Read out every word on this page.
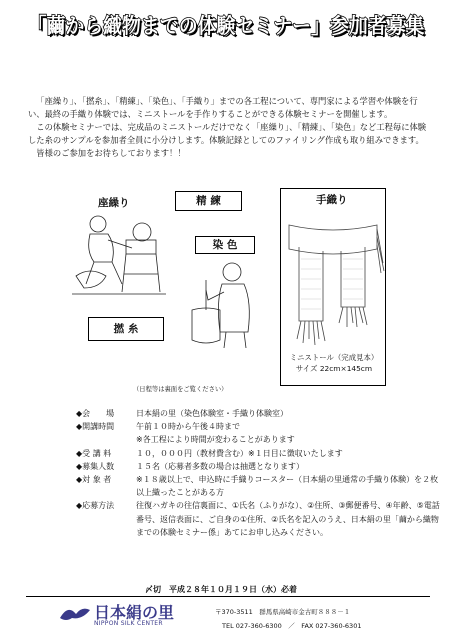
「繭から織物までの体験セミナー」参加者募集

「座繰り」、「撚糸」、「精練」、「染色」、「手織り」までの各工程について、専門家による学習や体験を行い、最終の手織り体験では、ミニストールを手作りすることができる体験セミナーを開催します。

この体験セミナーでは、完成品のミニストールだけでなく「座繰り」、「精練」、「染色」など工程毎に体験した糸のサンプルを参加者全員に小分けします。体験記録としてのファイリング作成も取り組みできます。

皆様のご参加をお待ちしております！！

座繰り	精 練
染 色
撚 糸
（日程等は裏面をご覧ください）
手織り
ミニストール（完成見本）
サイズ 22cm×145cm
◆会　　場	日本絹の里（染色体験室・手織り体験室）
◆開講時間	午前１０時から午後４時まで
※各工程により時間が変わることがあります
◆受 講 料	１０，０００円（教材費含む）※１日目に徴収いたします
◆募集人数	１５名（応募者多数の場合は抽選となります）
◆対 象 者	※１８歳以上で、申込時に手織りコースター（日本絹の里通常の手織り体験）を２枚以上織ったことがある方
◆応募方法	往復ハガキの往信裏面に、①氏名（ふりがな）、②住所、③郵便番号、④年齢、⑤電話番号、返信表面に、ご自身の①住所、②氏名を記入のうえ、日本絹の里「繭から織物までの体験セミナー係」あてにお申し込みください。
〆切　平成２８年１０月１９日（水）必着
日本絹の里
NIPPON SILK CENTER
〒370-3511　群馬県高崎市金古町８８８－１
TEL 027-360-6300　／　FAX 027-360-6301
